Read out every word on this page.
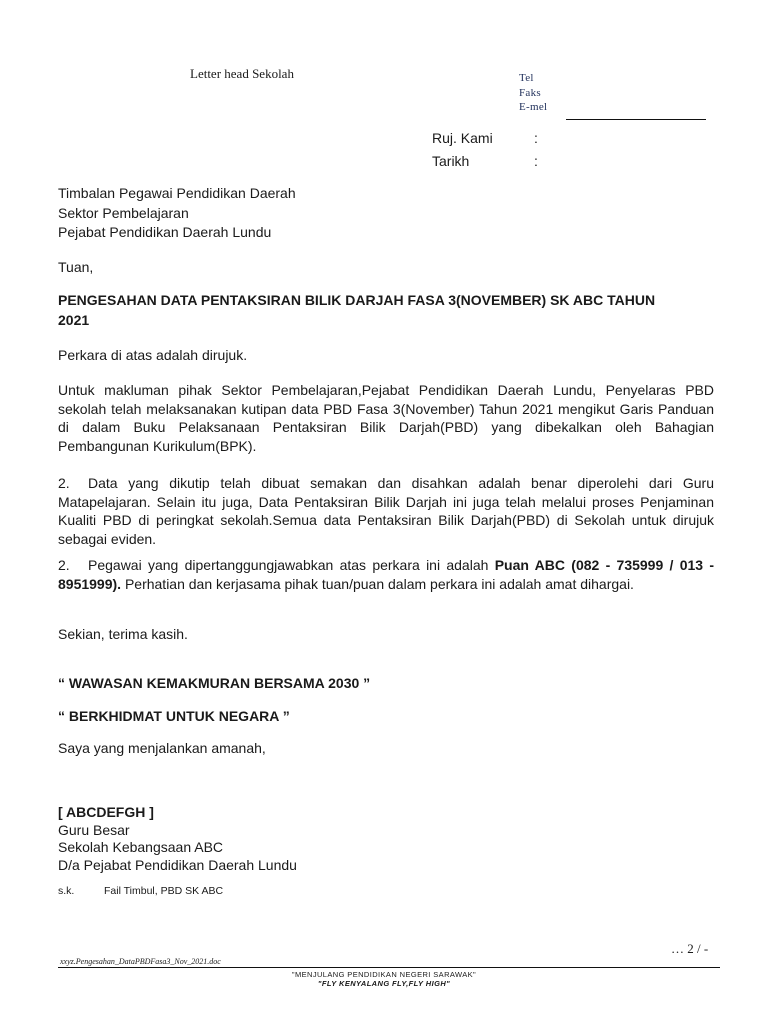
Letter head Sekolah	Tel
Faks
E-mel
Ruj. Kami	:
Tarikh	:
Timbalan Pegawai Pendidikan Daerah
Sektor Pembelajaran
Pejabat Pendidikan Daerah Lundu
Tuan,
PENGESAHAN DATA PENTAKSIRAN BILIK DARJAH FASA 3(NOVEMBER) SK ABC TAHUN 2021
Perkara di atas adalah dirujuk.
Untuk makluman pihak Sektor Pembelajaran,Pejabat Pendidikan Daerah Lundu, Penyelaras PBD sekolah telah melaksanakan kutipan data PBD Fasa 3(November) Tahun 2021 mengikut Garis Panduan di dalam Buku Pelaksanaan Pentaksiran Bilik Darjah(PBD) yang dibekalkan oleh Bahagian Pembangunan Kurikulum(BPK).
2. Data yang dikutip telah dibuat semakan dan disahkan adalah benar diperolehi dari Guru Matapelajaran. Selain itu juga, Data Pentaksiran Bilik Darjah ini juga telah melalui proses Penjaminan Kualiti PBD di peringkat sekolah.Semua data Pentaksiran Bilik Darjah(PBD) di Sekolah untuk dirujuk sebagai eviden.
2. Pegawai yang dipertanggungjawabkan atas perkara ini adalah Puan ABC (082 - 735999 / 013 - 8951999). Perhatian dan kerjasama pihak tuan/puan dalam perkara ini adalah amat dihargai.
Sekian, terima kasih.
“ WAWASAN KEMAKMURAN BERSAMA 2030 ”
“ BERKHIDMAT UNTUK NEGARA ”
Saya yang menjalankan amanah,
[ ABCDEFGH ]
Guru Besar
Sekolah Kebangsaan ABC
D/a Pejabat Pendidikan Daerah Lundu
s.k.	Fail Timbul, PBD SK ABC
… 2 / -
xxyz.Pengesahan_DataPBDFasa3_Nov_2021.doc
"MENJULANG PENDIDIKAN NEGERI SARAWAK"
"FLY KENYALANG FLY,FLY HIGH"
